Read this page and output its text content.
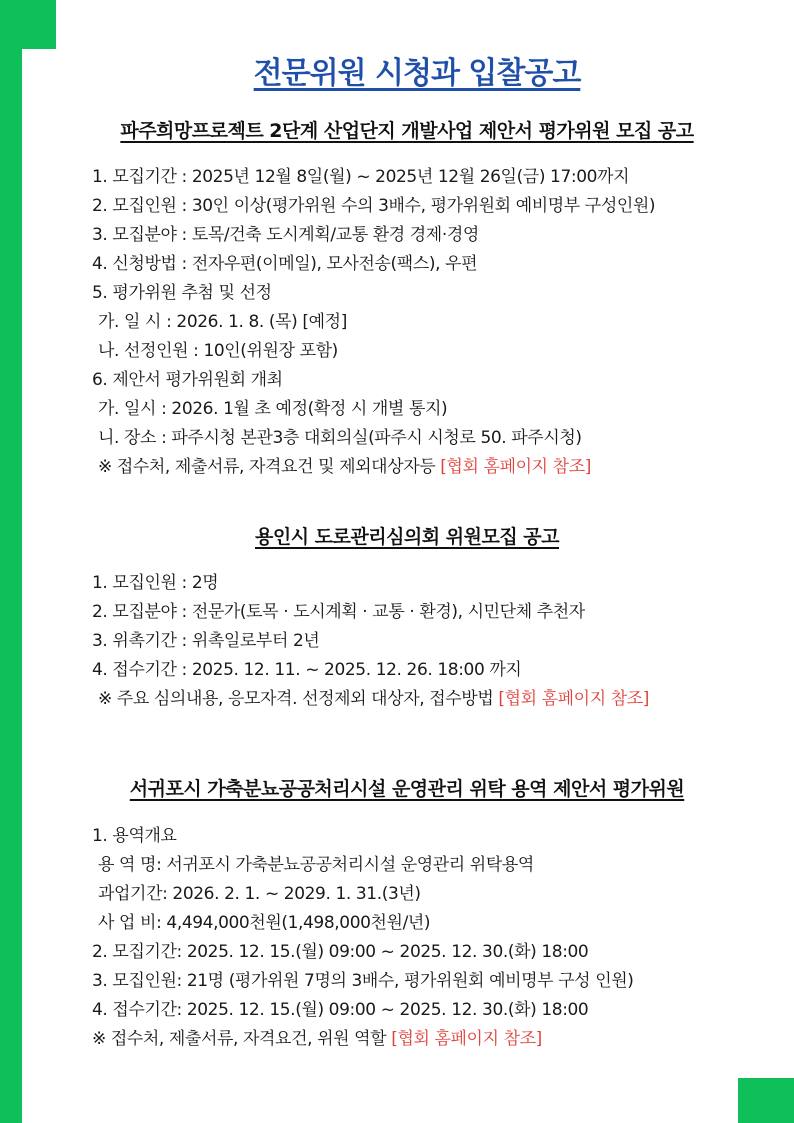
전문위원 시청과 입찰공고
파주희망프로젝트 2단계 산업단지 개발사업 제안서 평가위원 모집 공고
1. 모집기간 : 2025년 12월 8일(월) ~ 2025년 12월 26일(금) 17:00까지
2. 모집인원 : 30인 이상(평가위원 수의 3배수, 평가위원회 예비명부 구성인원)
3. 모집분야 : 토목/건축 도시계획/교통 환경 경제·경영
4. 신청방법 : 전자우편(이메일), 모사전송(팩스), 우편
5. 평가위원 추첨 및 선정
가. 일 시 : 2026. 1. 8. (목) [예정]
나. 선정인원 : 10인(위원장 포함)
6. 제안서 평가위원회 개최
가. 일시 : 2026. 1월 초 예정(확정 시 개별 통지)
니. 장소 : 파주시청 본관3층 대회의실(파주시 시청로 50. 파주시청)
※ 접수처, 제출서류, 자격요건 및 제외대상자등 [협회 홈페이지 참조]
용인시 도로관리심의회 위원모집 공고
1. 모집인원 : 2명
2. 모집분야 : 전문가(토목 · 도시계획 · 교통 · 환경), 시민단체 추천자
3. 위촉기간 : 위촉일로부터 2년
4. 접수기간 : 2025. 12. 11. ~ 2025. 12. 26. 18:00 까지
※ 주요 심의내용, 응모자격. 선정제외 대상자, 접수방법 [협회 홈페이지 참조]
서귀포시 가축분뇨공공처리시설 운영관리 위탁 용역 제안서 평가위원
1. 용역개요
용 역 명: 서귀포시 가축분뇨공공처리시설 운영관리 위탁용역
과업기간: 2026. 2. 1. ~ 2029. 1. 31.(3년)
사 업 비: 4,494,000천원(1,498,000천원/년)
2. 모집기간: 2025. 12. 15.(월) 09:00 ~ 2025. 12. 30.(화) 18:00
3. 모집인원: 21명 (평가위원 7명의 3배수, 평가위원회 예비명부 구성 인원)
4. 접수기간: 2025. 12. 15.(월) 09:00 ~ 2025. 12. 30.(화) 18:00
※ 접수처, 제출서류, 자격요건, 위원 역할 [협회 홈페이지 참조]
